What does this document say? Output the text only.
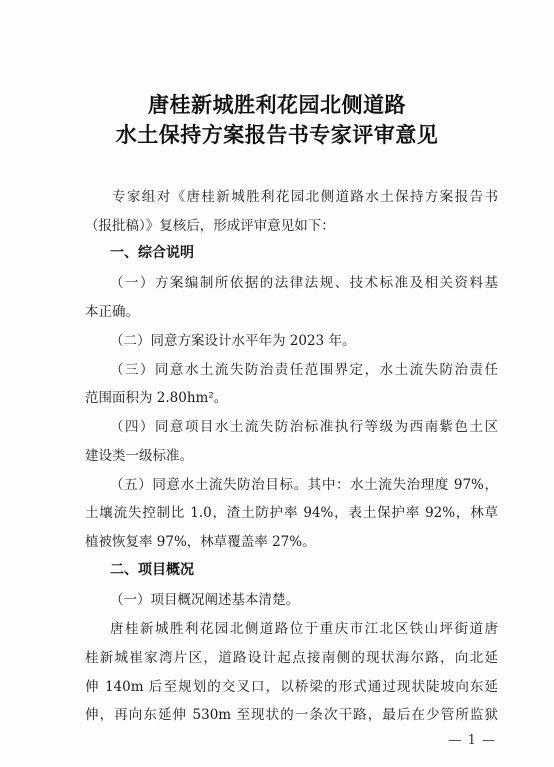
唐桂新城胜利花园北侧道路
水土保持方案报告书专家评审意见
专家组对《唐桂新城胜利花园北侧道路水土保持方案报告书
（报批稿）》复核后，形成评审意见如下：
一、综合说明
（一）方案编制所依据的法律法规、技术标准及相关资料基
本正确。
（二）同意方案设计水平年为 2023 年。
（三）同意水土流失防治责任范围界定，水土流失防治责任
范围面积为 2.80hm²。
（四）同意项目水土流失防治标准执行等级为西南紫色土区
建设类一级标准。
（五）同意水土流失防治目标。其中：水土流失治理度 97%，
土壤流失控制比 1.0，渣土防护率 94%，表土保护率 92%，林草
植被恢复率 97%，林草覆盖率 27%。
二、项目概况
（一）项目概况阐述基本清楚。
唐桂新城胜利花园北侧道路位于重庆市江北区铁山坪街道唐
桂新城崔家湾片区，道路设计起点接南侧的现状海尔路，向北延
伸 140m 后至规划的交叉口，以桥梁的形式通过现状陡坡向东延
伸，再向东延伸 530m 至现状的一条次干路，最后在少管所监狱
— 1 —
